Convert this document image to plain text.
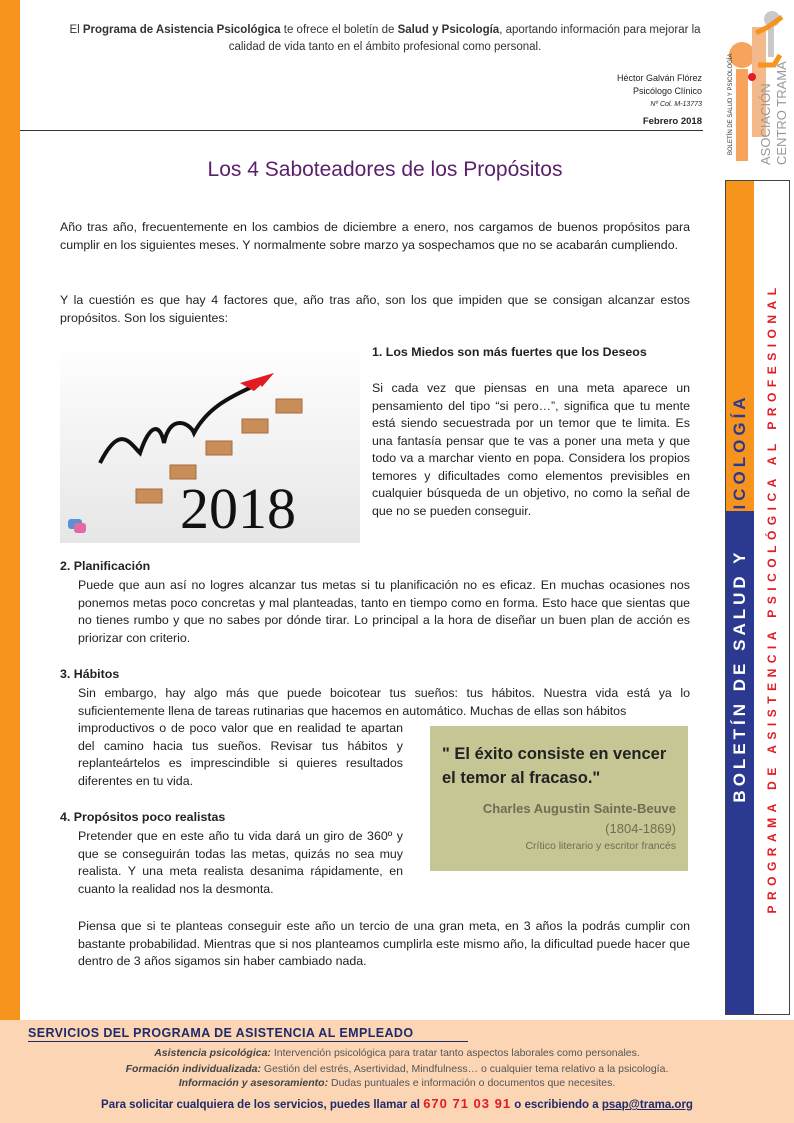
El Programa de Asistencia Psicológica te ofrece el boletín de Salud y Psicología, aportando información para mejorar la calidad de vida tanto en el ámbito profesional como personal.
Héctor Galván Flórez
Psicólogo Clínico
Nº Col. M-13773
Febrero 2018	BOLETÍN DE SALUD Y PSICOLOGÍA ASOCIACIÓN CENTRO TRAMA
Los 4 Saboteadores de los Propósitos
Año tras año, frecuentemente en los cambios de diciembre a enero, nos cargamos de buenos propósitos para cumplir en los siguientes meses. Y normalmente sobre marzo ya sospechamos que no se acabarán cumpliendo.
Y la cuestión es que hay 4 factores que, año tras año, son los que impiden que se consigan alcanzar estos propósitos. Son los siguientes:
2018
1. Los Miedos son más fuertes que los Deseos
Si cada vez que piensas en una meta aparece un pensamiento del tipo “si pero…”, significa que tu mente está siendo secuestrada por un temor que te limita. Es una fantasía pensar que te vas a poner una meta y que todo va a marchar viento en popa. Considera los propios temores y dificultades como elementos previsibles en cualquier búsqueda de un objetivo, no como la señal de que no se pueden conseguir.
2. Planificación
Puede que aun así no logres alcanzar tus metas si tu planificación no es eficaz. En muchas ocasiones nos ponemos metas poco concretas y mal planteadas, tanto en tiempo como en forma. Esto hace que sientas que no tienes rumbo y que no sabes por dónde tirar. Lo principal a la hora de diseñar un buen plan de acción es priorizar con criterio.
3. Hábitos
Sin embargo, hay algo más que puede boicotear tus sueños: tus hábitos. Nuestra vida está ya lo suficientemente llena de tareas rutinarias que hacemos en automático. Muchas de ellas son hábitos
improductivos o de poco valor que en realidad te apartan del camino hacia tus sueños. Revisar tus hábitos y replanteártelos es imprescindible si quieres resultados diferentes en tu vida.
4. Propósitos poco realistas
Pretender que en este año tu vida dará un giro de 360º y que se conseguirán todas las metas, quizás no sea muy realista. Y una meta realista desanima rápidamente, en cuanto la realidad nos la desmonta.
Piensa que si te planteas conseguir este año un tercio de una gran meta, en 3 años la podrás cumplir con bastante probabilidad. Mientras que si nos planteamos cumplirla este mismo año, la dificultad puede hacer que dentro de 3 años sigamos sin haber cambiado nada.
" El éxito consiste en vencer el temor al fracaso."
Charles Augustin Sainte-Beuve
(1804-1869)
Crítico literario y escritor francés
BOLETÍN DE SALUD Y PSICOLOGÍA PROGRAMA DE ASISTENCIA PSICOLÓGICA AL PROFESIONAL
SERVICIOS DEL PROGRAMA DE ASISTENCIA AL EMPLEADO
Asistencia psicológica: Intervención psicológica para tratar tanto aspectos laborales como personales.
Formación individualizada: Gestión del estrés, Asertividad, Mindfulness… o cualquier tema relativo a la psicología.
Información y asesoramiento: Dudas puntuales e información o documentos que necesites.
Para solicitar cualquiera de los servicios, puedes llamar al 670 71 03 91 o escribiendo a psap@trama.org
